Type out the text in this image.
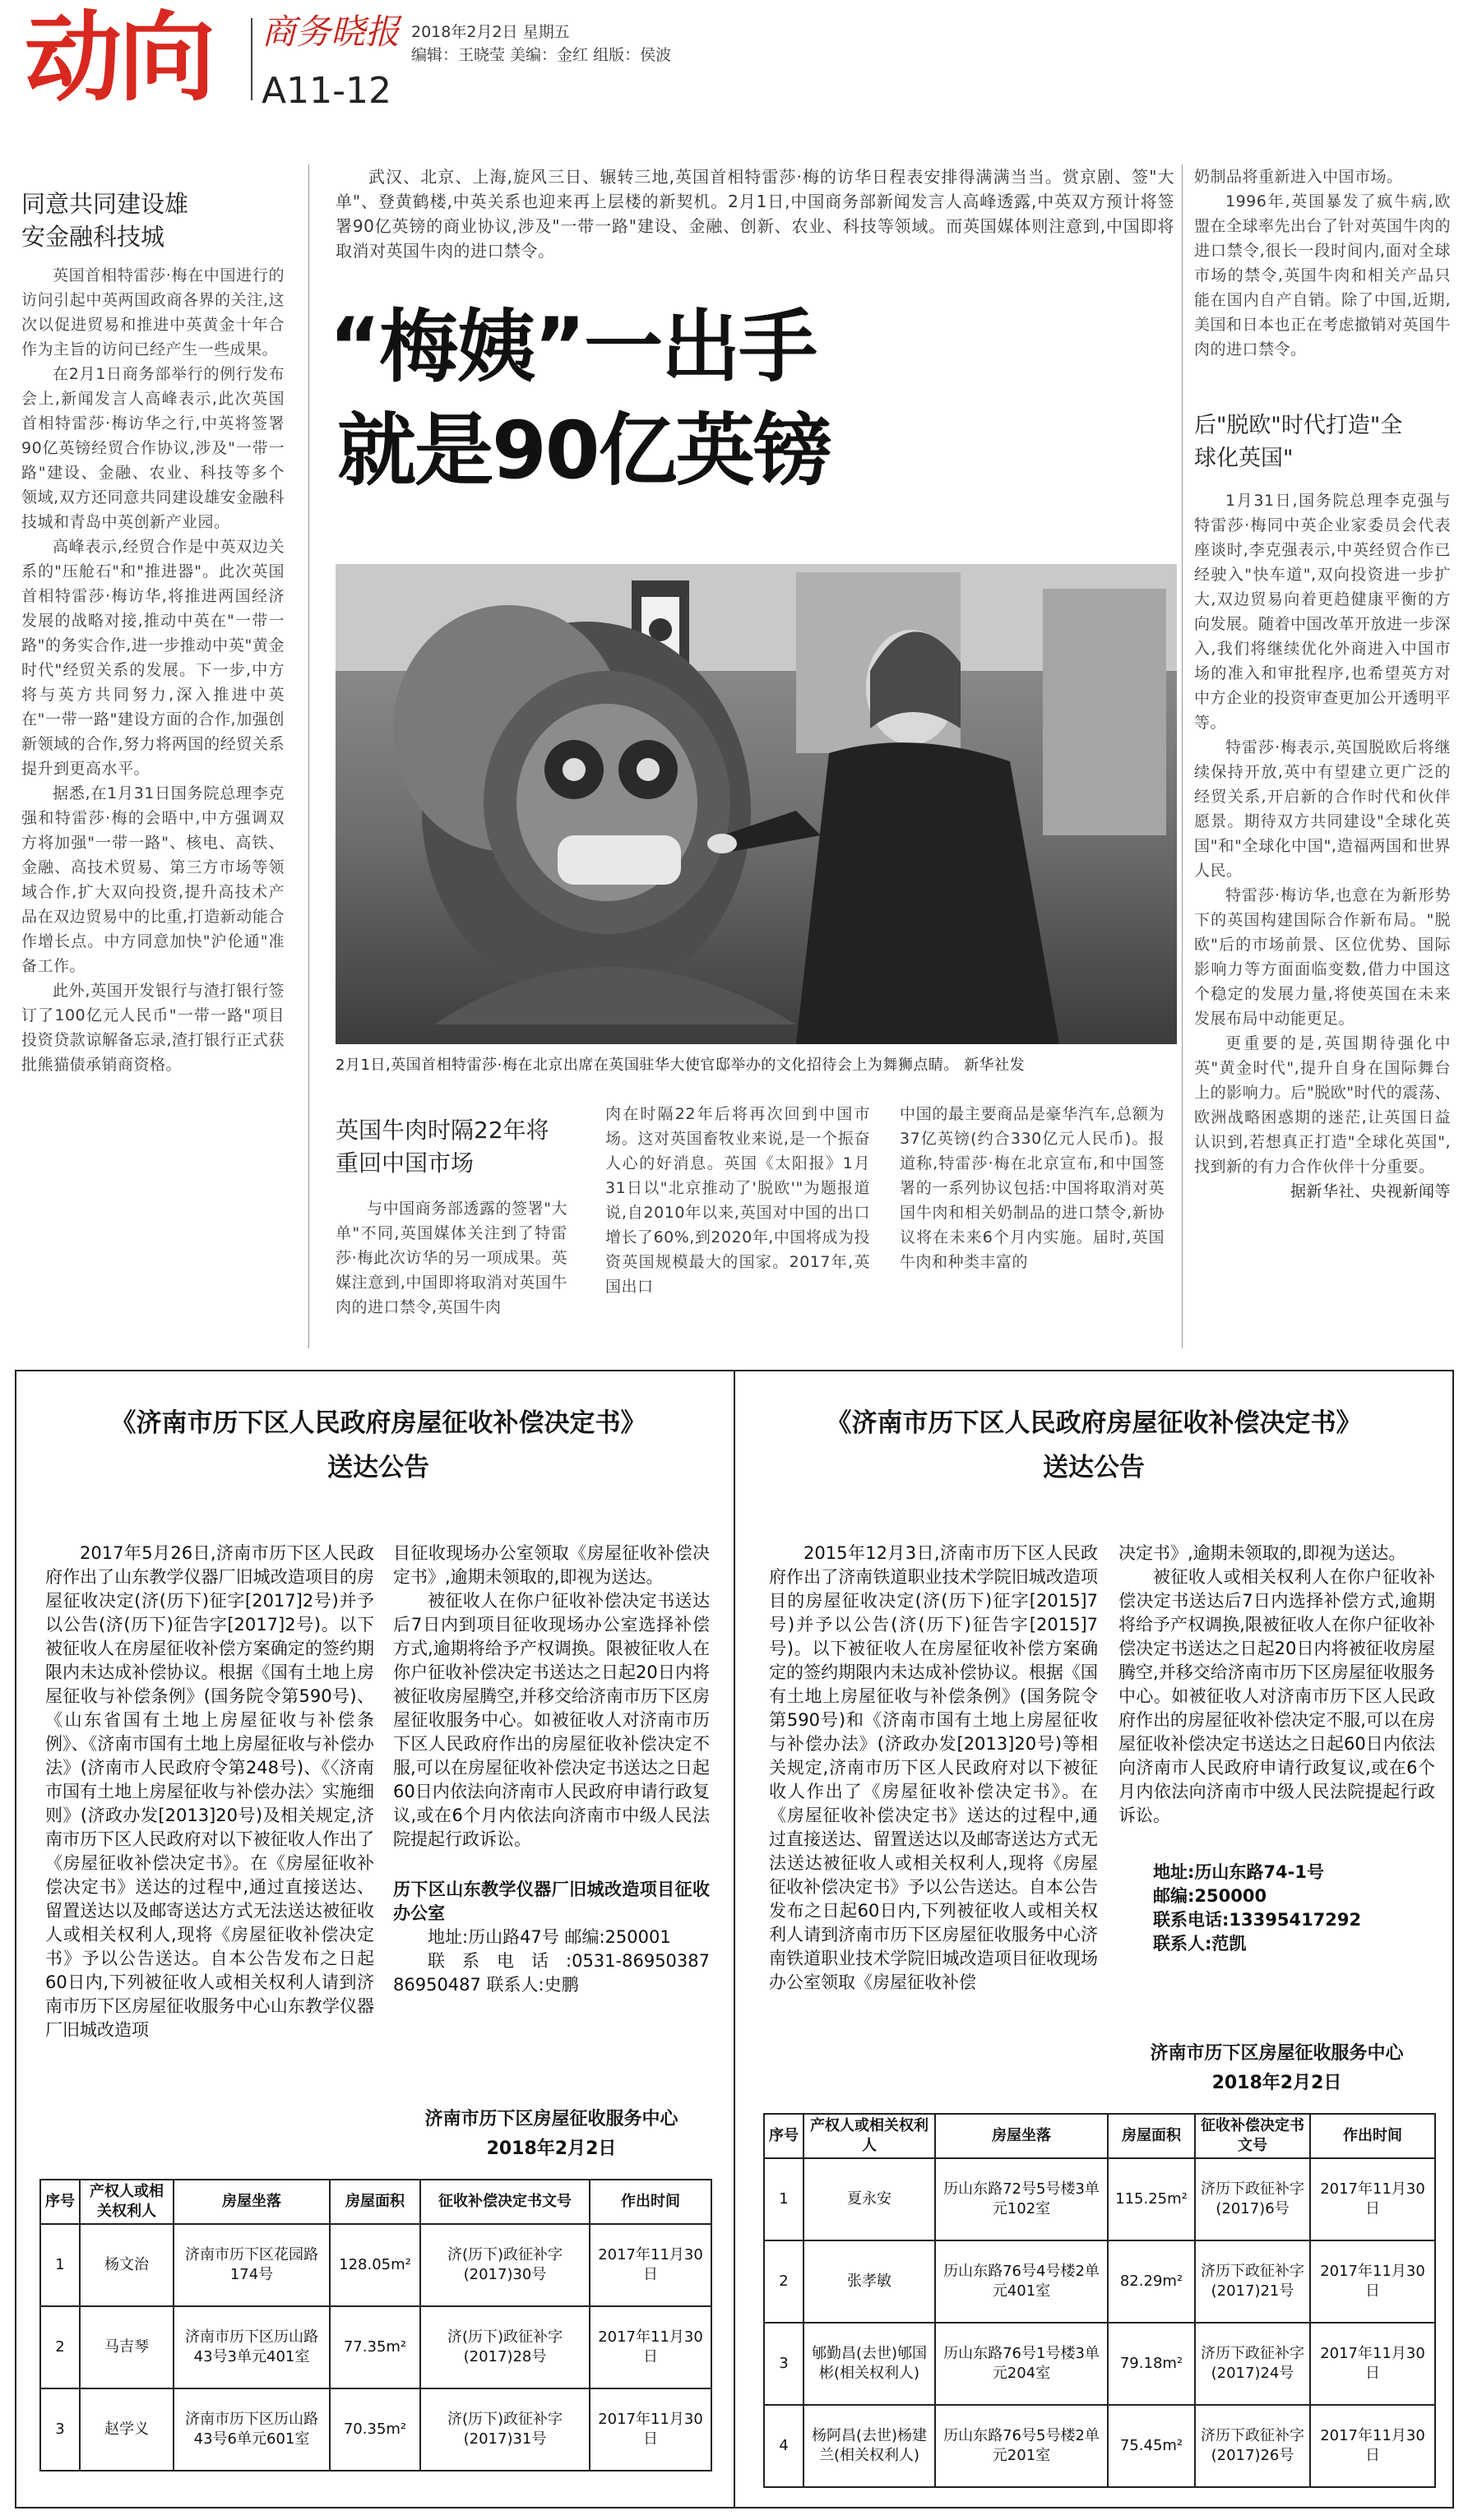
动向 商务晓报 2018年2月2日 星期五
编辑：王晓莹 美编：金红 组版：侯波
A11-12
同意共同建设雄安金融科技城

英国首相特雷莎·梅在中国进行的访问引起中英两国政商各界的关注,这次以促进贸易和推进中英黄金十年合作为主旨的访问已经产生一些成果。

在2月1日商务部举行的例行发布会上,新闻发言人高峰表示,此次英国首相特雷莎·梅访华之行,中英将签署90亿英镑经贸合作协议,涉及"一带一路"建设、金融、农业、科技等多个领域,双方还同意共同建设雄安金融科技城和青岛中英创新产业园。

高峰表示,经贸合作是中英双边关系的"压舱石"和"推进器"。此次英国首相特雷莎·梅访华,将推进两国经济发展的战略对接,推动中英在"一带一路"的务实合作,进一步推动中英"黄金时代"经贸关系的发展。下一步,中方将与英方共同努力,深入推进中英在"一带一路"建设方面的合作,加强创新领域的合作,努力将两国的经贸关系提升到更高水平。

据悉,在1月31日国务院总理李克强和特雷莎·梅的会晤中,中方强调双方将加强"一带一路"、核电、高铁、金融、高技术贸易、第三方市场等领域合作,扩大双向投资,提升高技术产品在双边贸易中的比重,打造新动能合作增长点。中方同意加快"沪伦通"准备工作。

此外,英国开发银行与渣打银行签订了100亿元人民币"一带一路"项目投资贷款谅解备忘录,渣打银行正式获批熊猫债承销商资格。

武汉、北京、上海,旋风三日、辗转三地,英国首相特雷莎·梅的访华日程表安排得满满当当。赏京剧、签"大单"、登黄鹤楼,中英关系也迎来再上层楼的新契机。2月1日,中国商务部新闻发言人高峰透露,中英双方预计将签署90亿英镑的商业协议,涉及"一带一路"建设、金融、创新、农业、科技等领域。而英国媒体则注意到,中国即将取消对英国牛肉的进口禁令。
“梅姨”一出手
就是90亿英镑
2月1日,英国首相特雷莎·梅在北京出席在英国驻华大使官邸举办的文化招待会上为舞狮点睛。 新华社发
英国牛肉时隔22年将重回中国市场
与中国商务部透露的签署"大单"不同,英国媒体关注到了特雷莎·梅此次访华的另一项成果。英媒注意到,中国即将取消对英国牛肉的进口禁令,英国牛肉
肉在时隔22年后将再次回到中国市场。这对英国畜牧业来说,是一个振奋人心的好消息。英国《太阳报》1月31日以"北京推动了'脱欧'"为题报道说,自2010年以来,英国对中国的出口增长了60%,到2020年,中国将成为投资英国规模最大的国家。2017年,英国出口
中国的最主要商品是豪华汽车,总额为37亿英镑(约合330亿元人民币)。报道称,特雷莎·梅在北京宣布,和中国签署的一系列协议包括:中国将取消对英国牛肉和相关奶制品的进口禁令,新协议将在未来6个月内实施。届时,英国牛肉和种类丰富的

奶制品将重新进入中国市场。

1996年,英国暴发了疯牛病,欧盟在全球率先出台了针对英国牛肉的进口禁令,很长一段时间内,面对全球市场的禁令,英国牛肉和相关产品只能在国内自产自销。除了中国,近期,美国和日本也正在考虑撤销对英国牛肉的进口禁令。

后"脱欧"时代打造"全球化英国"

1月31日,国务院总理李克强与特雷莎·梅同中英企业家委员会代表座谈时,李克强表示,中英经贸合作已经驶入"快车道",双向投资进一步扩大,双边贸易向着更趋健康平衡的方向发展。随着中国改革开放进一步深入,我们将继续优化外商进入中国市场的准入和审批程序,也希望英方对中方企业的投资审查更加公开透明平等。

特雷莎·梅表示,英国脱欧后将继续保持开放,英中有望建立更广泛的经贸关系,开启新的合作时代和伙伴愿景。期待双方共同建设"全球化英国"和"全球化中国",造福两国和世界人民。

特雷莎·梅访华,也意在为新形势下的英国构建国际合作新布局。"脱欧"后的市场前景、区位优势、国际影响力等方面面临变数,借力中国这个稳定的发展力量,将使英国在未来发展布局中动能更足。

更重要的是,英国期待强化中英"黄金时代",提升自身在国际舞台上的影响力。后"脱欧"时代的震荡、欧洲战略困惑期的迷茫,让英国日益认识到,若想真正打造"全球化英国",找到新的有力合作伙伴十分重要。

据新华社、央视新闻等

《济南市历下区人民政府房屋征收补偿决定书》
送达公告

2017年5月26日,济南市历下区人民政府作出了山东教学仪器厂旧城改造项目的房屋征收决定(济(历下)征字[2017]2号)并予以公告(济(历下)征告字[2017]2号)。以下被征收人在房屋征收补偿方案确定的签约期限内未达成补偿协议。根据《国有土地上房屋征收与补偿条例》(国务院令第590号)、《山东省国有土地上房屋征收与补偿条例》、《济南市国有土地上房屋征收与补偿办法》(济南市人民政府令第248号)、《〈济南市国有土地上房屋征收与补偿办法〉实施细则》(济政办发[2013]20号)及相关规定,济南市历下区人民政府对以下被征收人作出了《房屋征收补偿决定书》。在《房屋征收补偿决定书》送达的过程中,通过直接送达、留置送达以及邮寄送达方式无法送达被征收人或相关权利人,现将《房屋征收补偿决定书》予以公告送达。自本公告发布之日起60日内,下列被征收人或相关权利人请到济南市历下区房屋征收服务中心山东教学仪器厂旧城改造项

目征收现场办公室领取《房屋征收补偿决定书》,逾期未领取的,即视为送达。

被征收人在你户征收补偿决定书送达后7日内到项目征收现场办公室选择补偿方式,逾期将给予产权调换。限被征收人在你户征收补偿决定书送达之日起20日内将被征收房屋腾空,并移交给济南市历下区房屋征收服务中心。如被征收人对济南市历下区人民政府作出的房屋征收补偿决定不服,可以在房屋征收补偿决定书送达之日起60日内依法向济南市人民政府申请行政复议,或在6个月内依法向济南市中级人民法院提起行政诉讼。

历下区山东教学仪器厂旧城改造项目征收办公室

地址:历山路47号 邮编:250001

联系电话:0531-86950387 86950487 联系人:史鹏

济南市历下区房屋征收服务中心
2018年2月2日
序号	产权人或相关权利人	房屋坐落	房屋面积	征收补偿决定书文号	作出时间
1	杨文治	济南市历下区花园路174号	128.05m²	济(历下)政征补字(2017)30号	2017年11月30日
2	马吉琴	济南市历下区历山路43号3单元401室	77.35m²	济(历下)政征补字(2017)28号	2017年11月30日
3	赵学义	济南市历下区历山路43号6单元601室	70.35m²	济(历下)政征补字(2017)31号	2017年11月30日
《济南市历下区人民政府房屋征收补偿决定书》
送达公告

2015年12月3日,济南市历下区人民政府作出了济南铁道职业技术学院旧城改造项目的房屋征收决定(济(历下)征字[2015]7号)并予以公告(济(历下)征告字[2015]7号)。以下被征收人在房屋征收补偿方案确定的签约期限内未达成补偿协议。根据《国有土地上房屋征收与补偿条例》(国务院令第590号)和《济南市国有土地上房屋征收与补偿办法》(济政办发[2013]20号)等相关规定,济南市历下区人民政府对以下被征收人作出了《房屋征收补偿决定书》。在《房屋征收补偿决定书》送达的过程中,通过直接送达、留置送达以及邮寄送达方式无法送达被征收人或相关权利人,现将《房屋征收补偿决定书》予以公告送达。自本公告发布之日起60日内,下列被征收人或相关权利人请到济南市历下区房屋征收服务中心济南铁道职业技术学院旧城改造项目征收现场办公室领取《房屋征收补偿

决定书》,逾期未领取的,即视为送达。

被征收人或相关权利人在你户征收补偿决定书送达后7日内选择补偿方式,逾期将给予产权调换,限被征收人在你户征收补偿决定书送达之日起20日内将被征收房屋腾空,并移交给济南市历下区房屋征收服务中心。如被征收人对济南市历下区人民政府作出的房屋征收补偿决定不服,可以在房屋征收补偿决定书送达之日起60日内依法向济南市人民政府申请行政复议,或在6个月内依法向济南市中级人民法院提起行政诉讼。

地址:历山东路74-1号

邮编:250000

联系电话:13395417292

联系人:范凯

济南市历下区房屋征收服务中心
2018年2月2日
序号	产权人或相关权利人	房屋坐落	房屋面积	征收补偿决定书文号	作出时间
1	夏永安	历山东路72号5号楼3单元102室	115.25m²	济历下政征补字(2017)6号	2017年11月30日
2	张孝敏	历山东路76号4号楼2单元401室	82.29m²	济历下政征补字(2017)21号	2017年11月30日
3	郇勤昌(去世)郇国彬(相关权利人)	历山东路76号1号楼3单元204室	79.18m²	济历下政征补字(2017)24号	2017年11月30日
4	杨阿昌(去世)杨建兰(相关权利人)	历山东路76号5号楼2单元201室	75.45m²	济历下政征补字(2017)26号	2017年11月30日
